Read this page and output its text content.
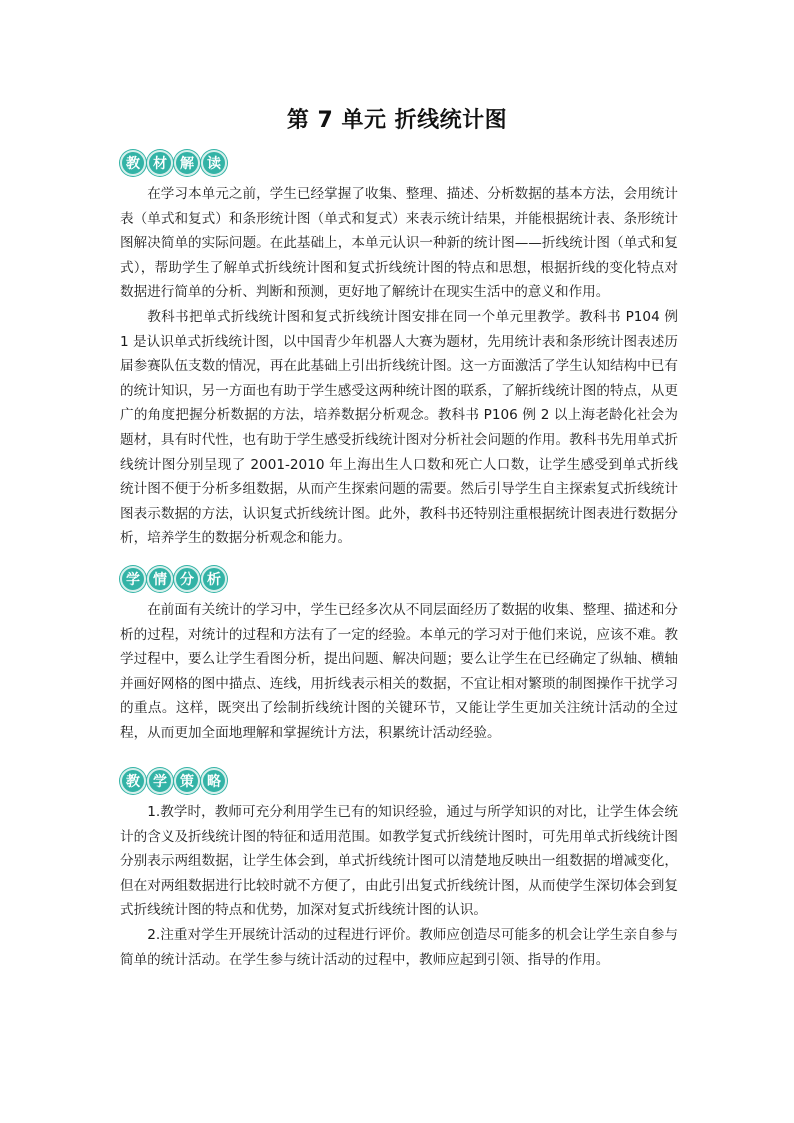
第 7 单元 折线统计图
教 材 解 读

在学习本单元之前，学生已经掌握了收集、整理、描述、分析数据的基本方法，会用统计表（单式和复式）和条形统计图（单式和复式）来表示统计结果，并能根据统计表、条形统计图解决简单的实际问题。在此基础上，本单元认识一种新的统计图——折线统计图（单式和复式），帮助学生了解单式折线统计图和复式折线统计图的特点和思想，根据折线的变化特点对数据进行简单的分析、判断和预测，更好地了解统计在现实生活中的意义和作用。

教科书把单式折线统计图和复式折线统计图安排在同一个单元里教学。教科书 P104 例 1 是认识单式折线统计图，以中国青少年机器人大赛为题材，先用统计表和条形统计图表述历届参赛队伍支数的情况，再在此基础上引出折线统计图。这一方面激活了学生认知结构中已有的统计知识，另一方面也有助于学生感受这两种统计图的联系，了解折线统计图的特点，从更广的角度把握分析数据的方法，培养数据分析观念。教科书 P106 例 2 以上海老龄化社会为题材，具有时代性，也有助于学生感受折线统计图对分析社会问题的作用。教科书先用单式折线统计图分别呈现了 2001-2010 年上海出生人口数和死亡人口数，让学生感受到单式折线统计图不便于分析多组数据，从而产生探索问题的需要。然后引导学生自主探索复式折线统计图表示数据的方法，认识复式折线统计图。此外，教科书还特别注重根据统计图表进行数据分析，培养学生的数据分析观念和能力。

学 情 分 析

在前面有关统计的学习中，学生已经多次从不同层面经历了数据的收集、整理、描述和分析的过程，对统计的过程和方法有了一定的经验。本单元的学习对于他们来说，应该不难。教学过程中，要么让学生看图分析，提出问题、解决问题；要么让学生在已经确定了纵轴、横轴并画好网格的图中描点、连线，用折线表示相关的数据，不宜让相对繁琐的制图操作干扰学习的重点。这样，既突出了绘制折线统计图的关键环节，又能让学生更加关注统计活动的全过程，从而更加全面地理解和掌握统计方法，积累统计活动经验。

教 学 策 略

1.教学时，教师可充分利用学生已有的知识经验，通过与所学知识的对比，让学生体会统计的含义及折线统计图的特征和适用范围。如教学复式折线统计图时，可先用单式折线统计图分别表示两组数据，让学生体会到，单式折线统计图可以清楚地反映出一组数据的增减变化，但在对两组数据进行比较时就不方便了，由此引出复式折线统计图，从而使学生深切体会到复式折线统计图的特点和优势，加深对复式折线统计图的认识。

2.注重对学生开展统计活动的过程进行评价。教师应创造尽可能多的机会让学生亲自参与简单的统计活动。在学生参与统计活动的过程中，教师应起到引领、指导的作用。
